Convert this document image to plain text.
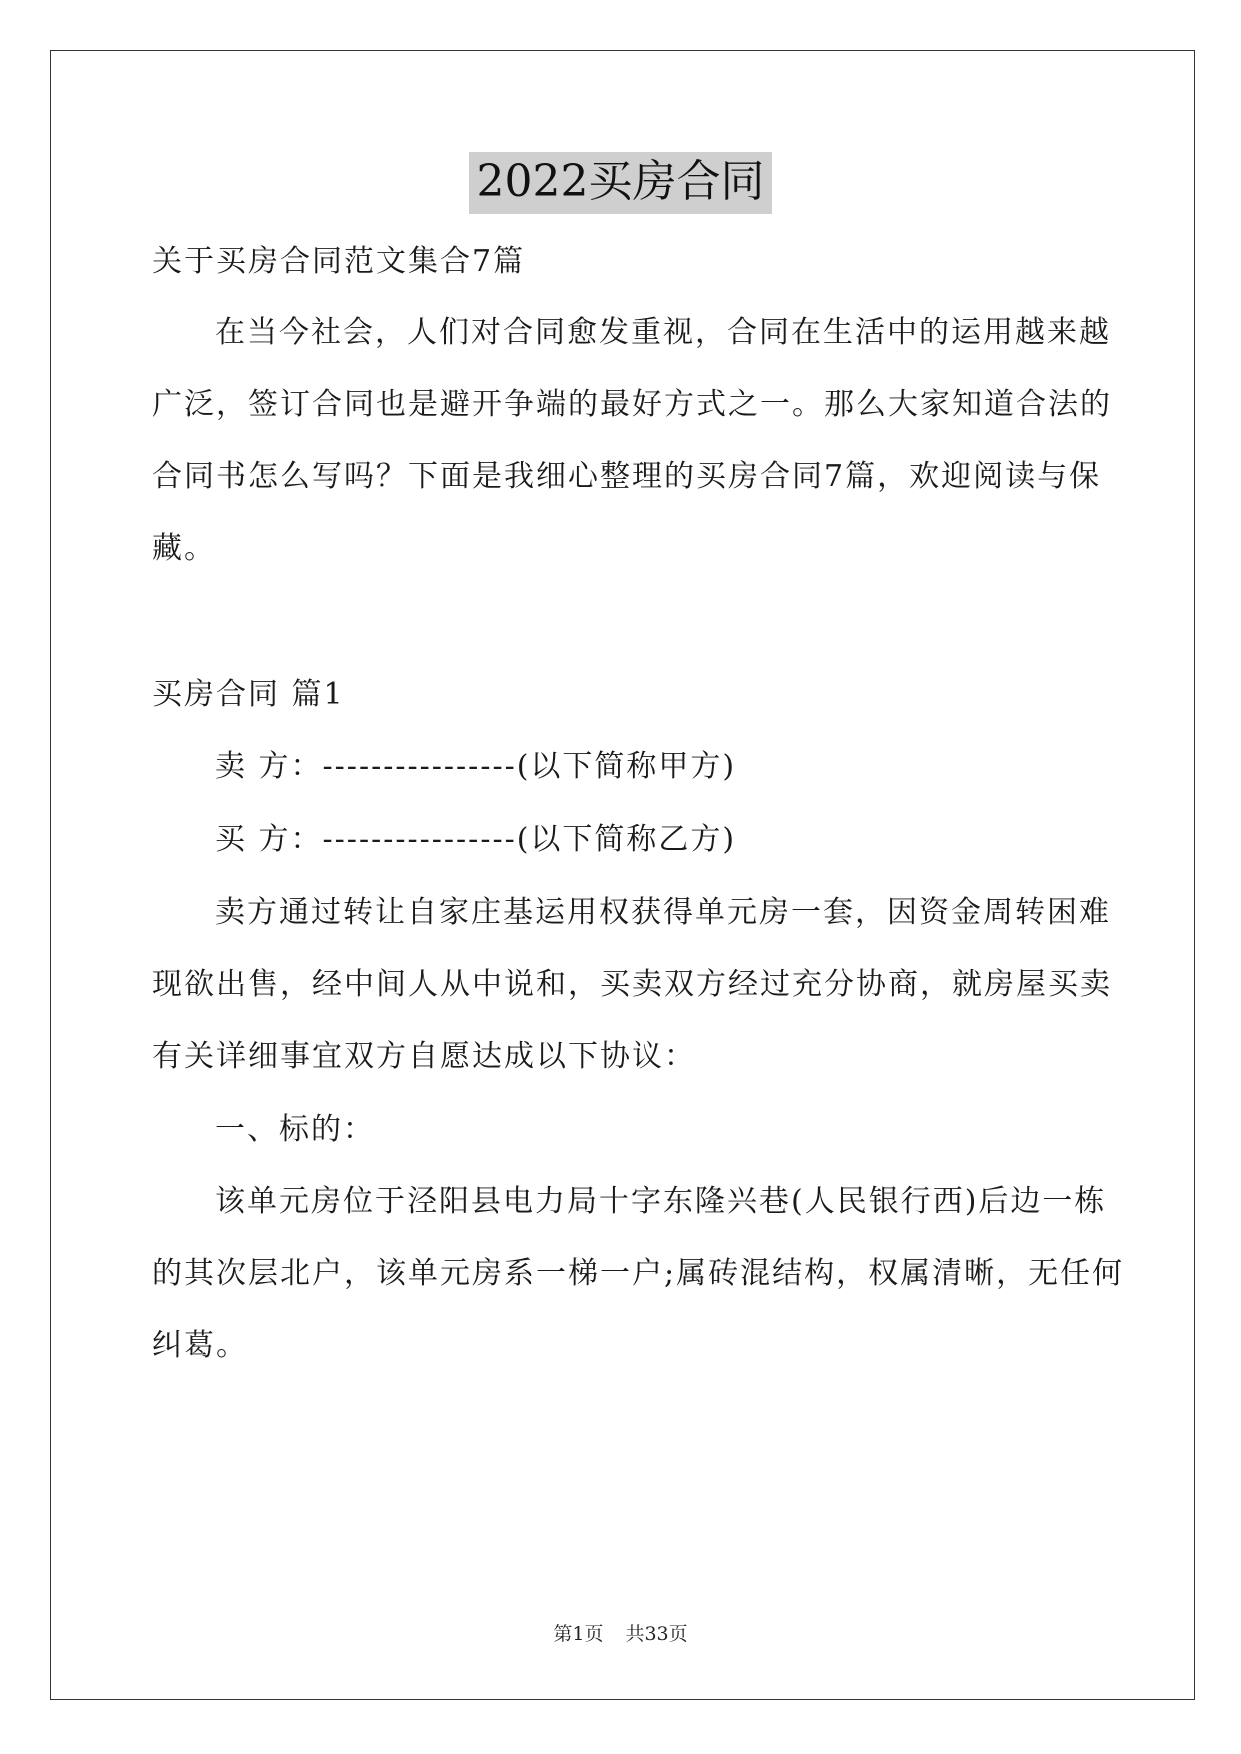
2022买房合同
关于买房合同范文集合7篇
在当今社会，人们对合同愈发重视，合同在生活中的运用越来越
广泛，签订合同也是避开争端的最好方式之一。那么大家知道合法的
合同书怎么写吗？下面是我细心整理的买房合同7篇，欢迎阅读与保
藏。
买房合同 篇1
卖 方：----------------(以下简称甲方)
买 方：----------------(以下简称乙方)
卖方通过转让自家庄基运用权获得单元房一套，因资金周转困难
现欲出售，经中间人从中说和，买卖双方经过充分协商，就房屋买卖
有关详细事宜双方自愿达成以下协议：
一、标的：
该单元房位于泾阳县电力局十字东隆兴巷(人民银行西)后边一栋
的其次层北户，该单元房系一梯一户;属砖混结构，权属清晰，无任何
纠葛。
第1页 共33页
